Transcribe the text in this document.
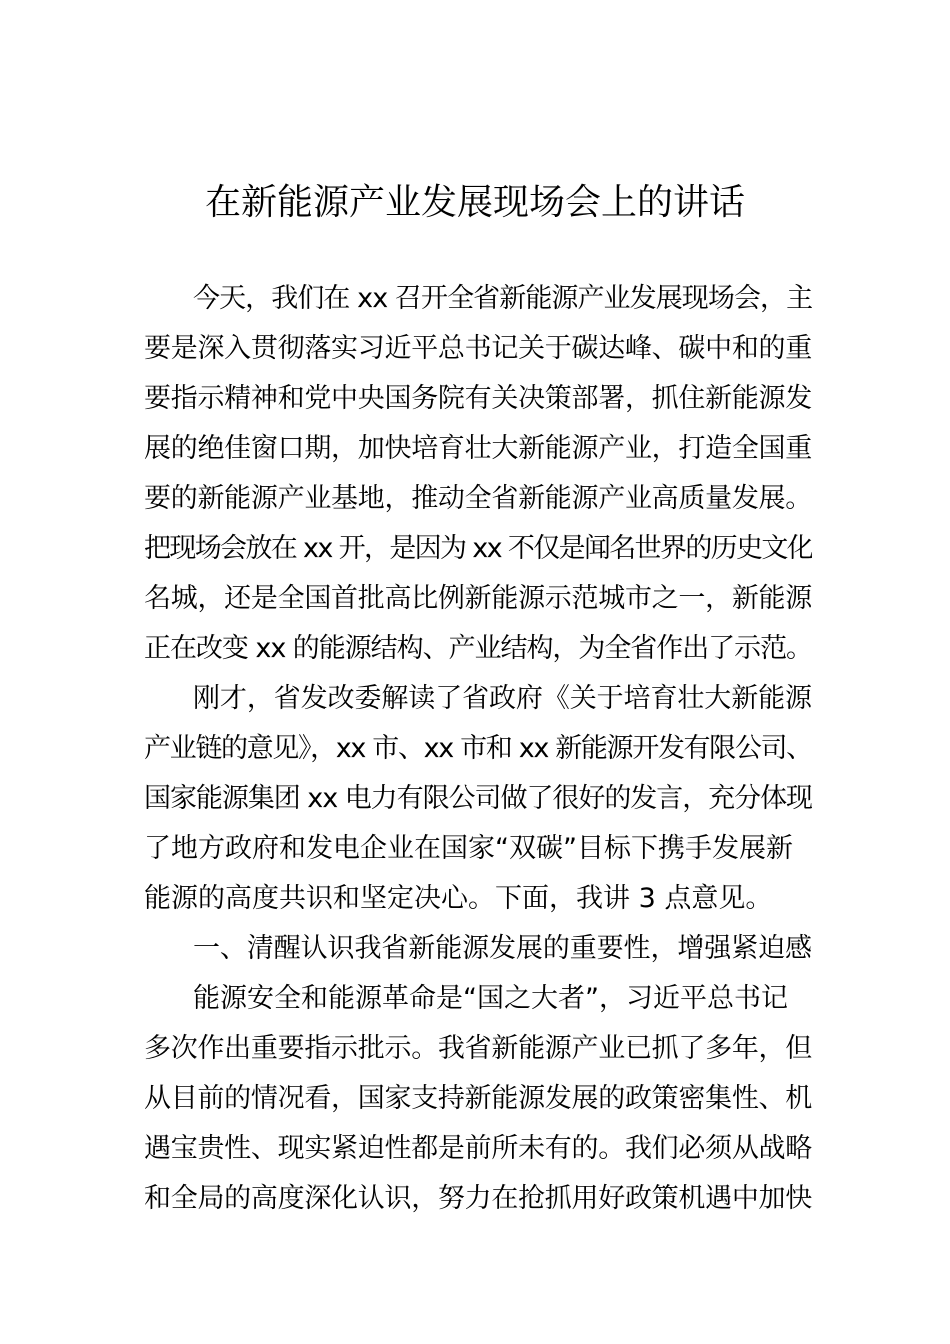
在新能源产业发展现场会上的讲话
今天，我们在 xx 召开全省新能源产业发展现场会，主
要是深入贯彻落实习近平总书记关于碳达峰、碳中和的重
要指示精神和党中央国务院有关决策部署，抓住新能源发
展的绝佳窗口期，加快培育壮大新能源产业，打造全国重
要的新能源产业基地，推动全省新能源产业高质量发展。
把现场会放在 xx 开，是因为 xx 不仅是闻名世界的历史文化
名城，还是全国首批高比例新能源示范城市之一，新能源
正在改变 xx 的能源结构、产业结构，为全省作出了示范。
刚才，省发改委解读了省政府《关于培育壮大新能源
产业链的意见》，xx 市、xx 市和 xx 新能源开发有限公司、
国家能源集团 xx 电力有限公司做了很好的发言，充分体现
了地方政府和发电企业在国家“双碳”目标下携手发展新
能源的高度共识和坚定决心。下面，我讲 3 点意见。
一、清醒认识我省新能源发展的重要性，增强紧迫感
能源安全和能源革命是“国之大者”，习近平总书记
多次作出重要指示批示。我省新能源产业已抓了多年，但
从目前的情况看，国家支持新能源发展的政策密集性、机
遇宝贵性、现实紧迫性都是前所未有的。我们必须从战略
和全局的高度深化认识，努力在抢抓用好政策机遇中加快
